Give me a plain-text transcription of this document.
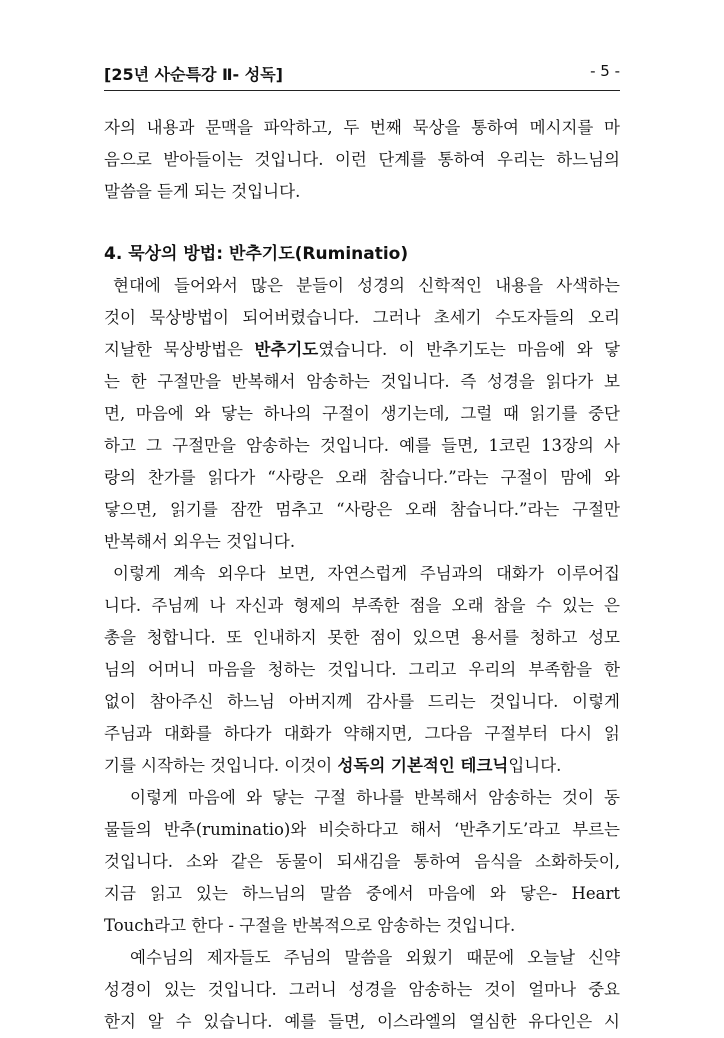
[25년 사순특강 Ⅱ- 성독]	- 5 -
자의 내용과 문맥을 파악하고, 두 번째 묵상을 통하여 메시지를 마
음으로 받아들이는 것입니다. 이런 단계를 통하여 우리는 하느님의
말씀을 듣게 되는 것입니다.
4. 묵상의 방법: 반추기도(Ruminatio)
현대에 들어와서 많은 분들이 성경의 신학적인 내용을 사색하는
것이 묵상방법이 되어버렸습니다. 그러나 초세기 수도자들의 오리
지날한 묵상방법은 반추기도였습니다. 이 반추기도는 마음에 와 닿
는 한 구절만을 반복해서 암송하는 것입니다. 즉 성경을 읽다가 보
면, 마음에 와 닿는 하나의 구절이 생기는데, 그럴 때 읽기를 중단
하고 그 구절만을 암송하는 것입니다. 예를 들면, 1코린 13장의 사
랑의 찬가를 읽다가 “사랑은 오래 참습니다.”라는 구절이 맘에 와
닿으면, 읽기를 잠깐 멈추고 “사랑은 오래 참습니다.”라는 구절만
반복해서 외우는 것입니다.
이렇게 계속 외우다 보면, 자연스럽게 주님과의 대화가 이루어집
니다. 주님께 나 자신과 형제의 부족한 점을 오래 참을 수 있는 은
총을 청합니다. 또 인내하지 못한 점이 있으면 용서를 청하고 성모
님의 어머니 마음을 청하는 것입니다. 그리고 우리의 부족함을 한
없이 참아주신 하느님 아버지께 감사를 드리는 것입니다. 이렇게
주님과 대화를 하다가 대화가 약해지면, 그다음 구절부터 다시 읽
기를 시작하는 것입니다. 이것이 성독의 기본적인 테크닉입니다.
이렇게 마음에 와 닿는 구절 하나를 반복해서 암송하는 것이 동
물들의 반추(ruminatio)와 비슷하다고 해서 ‘반추기도’라고 부르는
것입니다. 소와 같은 동물이 되새김을 통하여 음식을 소화하듯이,
지금 읽고 있는 하느님의 말씀 중에서 마음에 와 닿은- Heart
Touch라고 한다 - 구절을 반복적으로 암송하는 것입니다.
예수님의 제자들도 주님의 말씀을 외웠기 때문에 오늘날 신약
성경이 있는 것입니다. 그러니 성경을 암송하는 것이 얼마나 중요
한지 알 수 있습니다. 예를 들면, 이스라엘의 열심한 유다인은 시
